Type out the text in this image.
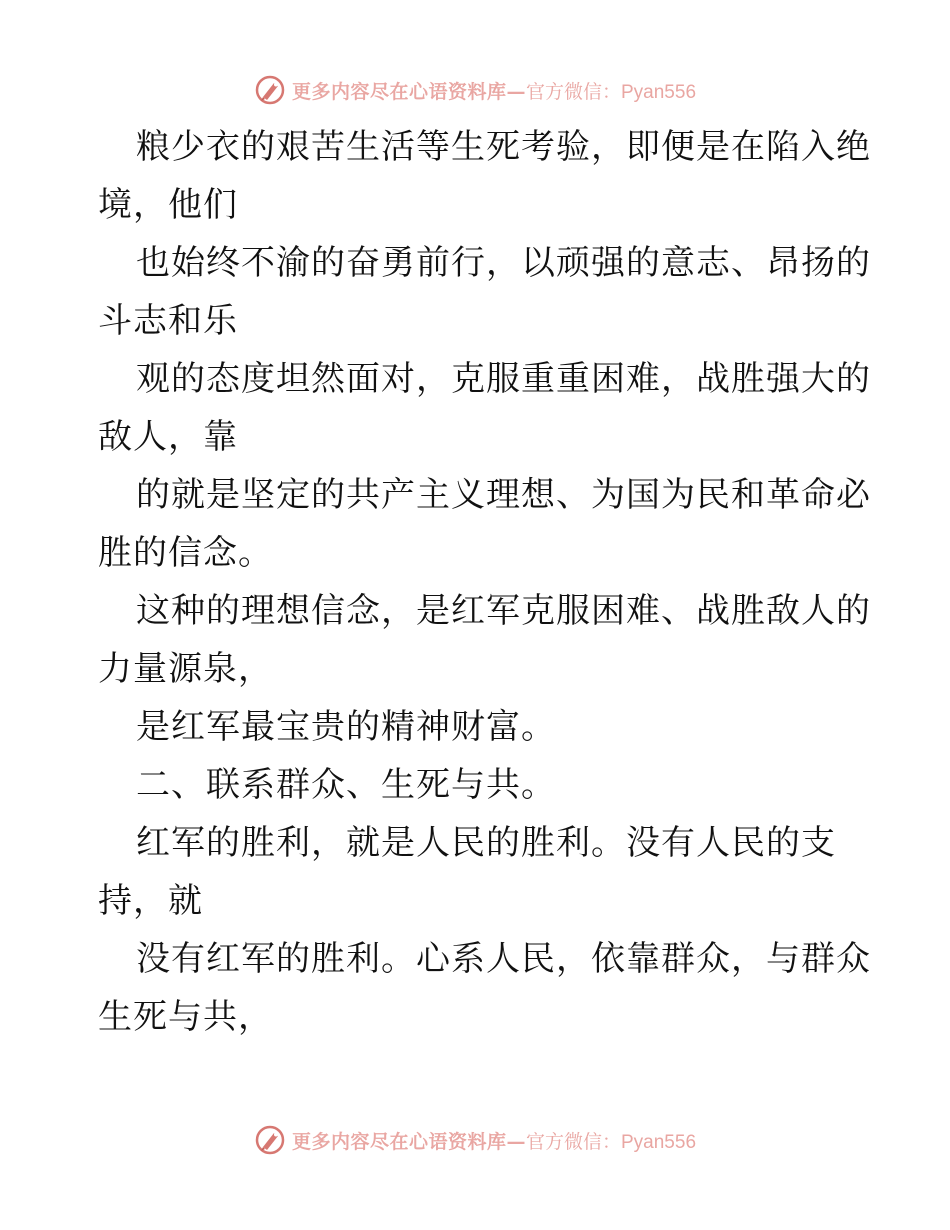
更多内容尽在心语资料库— 官方微信：Pyan556
粮少衣的艰苦生活等生死考验，即便是在陷入绝
境，他们
也始终不渝的奋勇前行，以顽强的意志、昂扬的
斗志和乐
观的态度坦然面对，克服重重困难，战胜强大的
敌人，靠
的就是坚定的共产主义理想、为国为民和革命必
胜的信念。
这种的理想信念，是红军克服困难、战胜敌人的
力量源泉，
是红军最宝贵的精神财富。
二、联系群众、生死与共。
红军的胜利，就是人民的胜利。没有人民的支
持，就
没有红军的胜利。心系人民，依靠群众，与群众
生死与共，
更多内容尽在心语资料库— 官方微信：Pyan556
